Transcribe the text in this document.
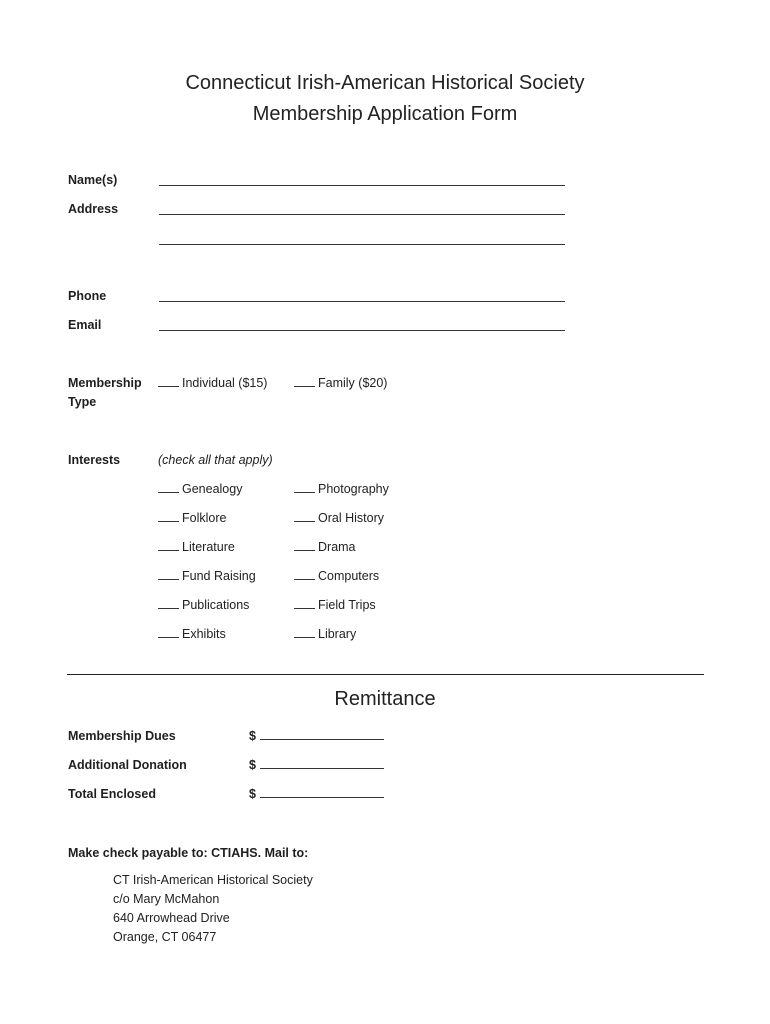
Connecticut Irish-American Historical Society
Membership Application Form
Name(s)
Address
Phone
Email
Membership
Type
Individual ($15)	Family ($20)
Interests	(check all that apply)
Genealogy	Photography
Folklore	Oral History
Literature	Drama
Fund Raising	Computers
Publications	Field Trips
Exhibits	Library
Remittance
Membership Dues	$
Additional Donation	$
Total Enclosed	$
Make check payable to: CTIAHS. Mail to:
CT Irish-American Historical Society
c/o Mary McMahon
640 Arrowhead Drive
Orange, CT 06477
